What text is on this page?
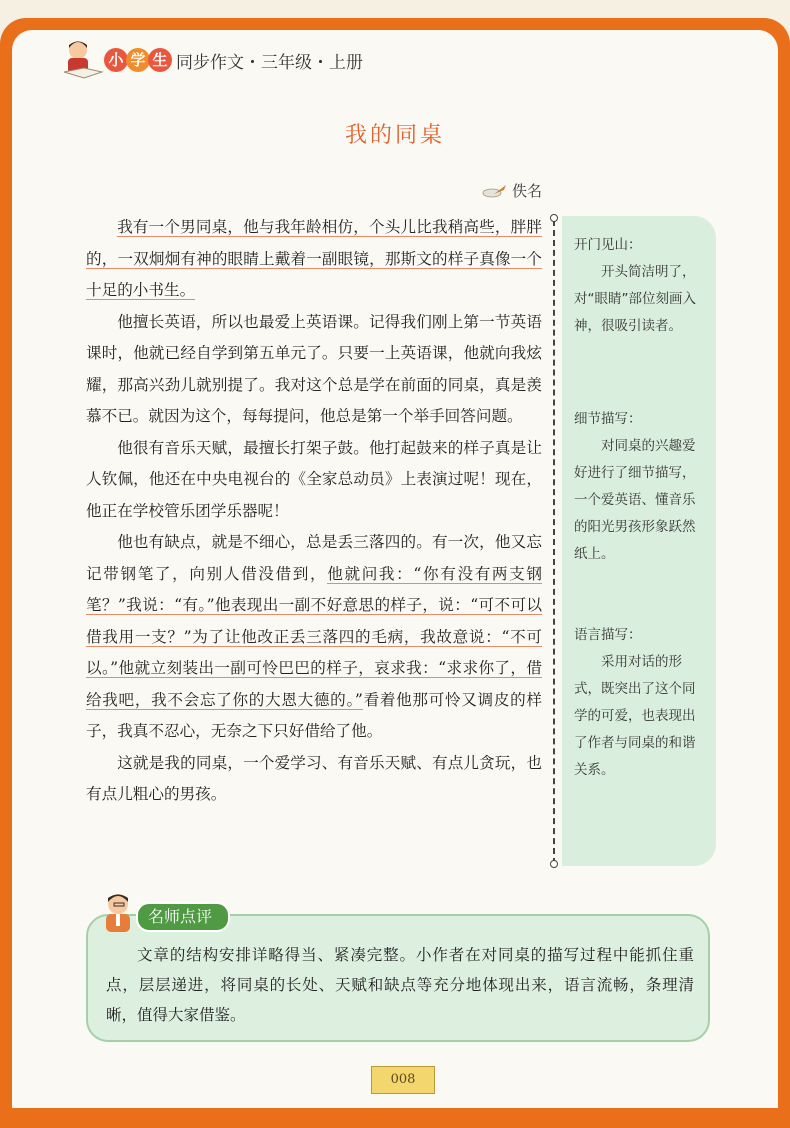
小 学 生 同步作文・三年级・上册
我的同桌
佚名

我有一个男同桌，他与我年龄相仿，个头儿比我稍高些，胖胖的，一双炯炯有神的眼睛上戴着一副眼镜，那斯文的样子真像一个十足的小书生。

他擅长英语，所以也最爱上英语课。记得我们刚上第一节英语课时，他就已经自学到第五单元了。只要一上英语课，他就向我炫耀，那高兴劲儿就别提了。我对这个总是学在前面的同桌，真是羡慕不已。就因为这个，每每提问，他总是第一个举手回答问题。

他很有音乐天赋，最擅长打架子鼓。他打起鼓来的样子真是让人钦佩，他还在中央电视台的《全家总动员》上表演过呢！现在，他正在学校管乐团学乐器呢！

他也有缺点，就是不细心，总是丢三落四的。有一次，他又忘记带钢笔了，向别人借没借到，他就问我：“你有没有两支钢笔？”我说：“有。”他表现出一副不好意思的样子，说：“可不可以借我用一支？”为了让他改正丢三落四的毛病，我故意说：“不可以。”他就立刻装出一副可怜巴巴的样子，哀求我：“求求你了，借给我吧，我不会忘了你的大恩大德的。”看着他那可怜又调皮的样子，我真不忍心，无奈之下只好借给了他。

这就是我的同桌，一个爱学习、有音乐天赋、有点儿贪玩，也有点儿粗心的男孩。

开门见山：
开头简洁明了，对“眼睛”部位刻画入神，很吸引读者。
细节描写：
对同桌的兴趣爱好进行了细节描写，一个爱英语、懂音乐的阳光男孩形象跃然纸上。
语言描写：
采用对话的形式，既突出了这个同学的可爱，也表现出了作者与同桌的和谐关系。
文章的结构安排详略得当、紧凑完整。小作者在对同桌的描写过程中能抓住重点，层层递进，将同桌的长处、天赋和缺点等充分地体现出来，语言流畅，条理清晰，值得大家借鉴。
名师点评
008
